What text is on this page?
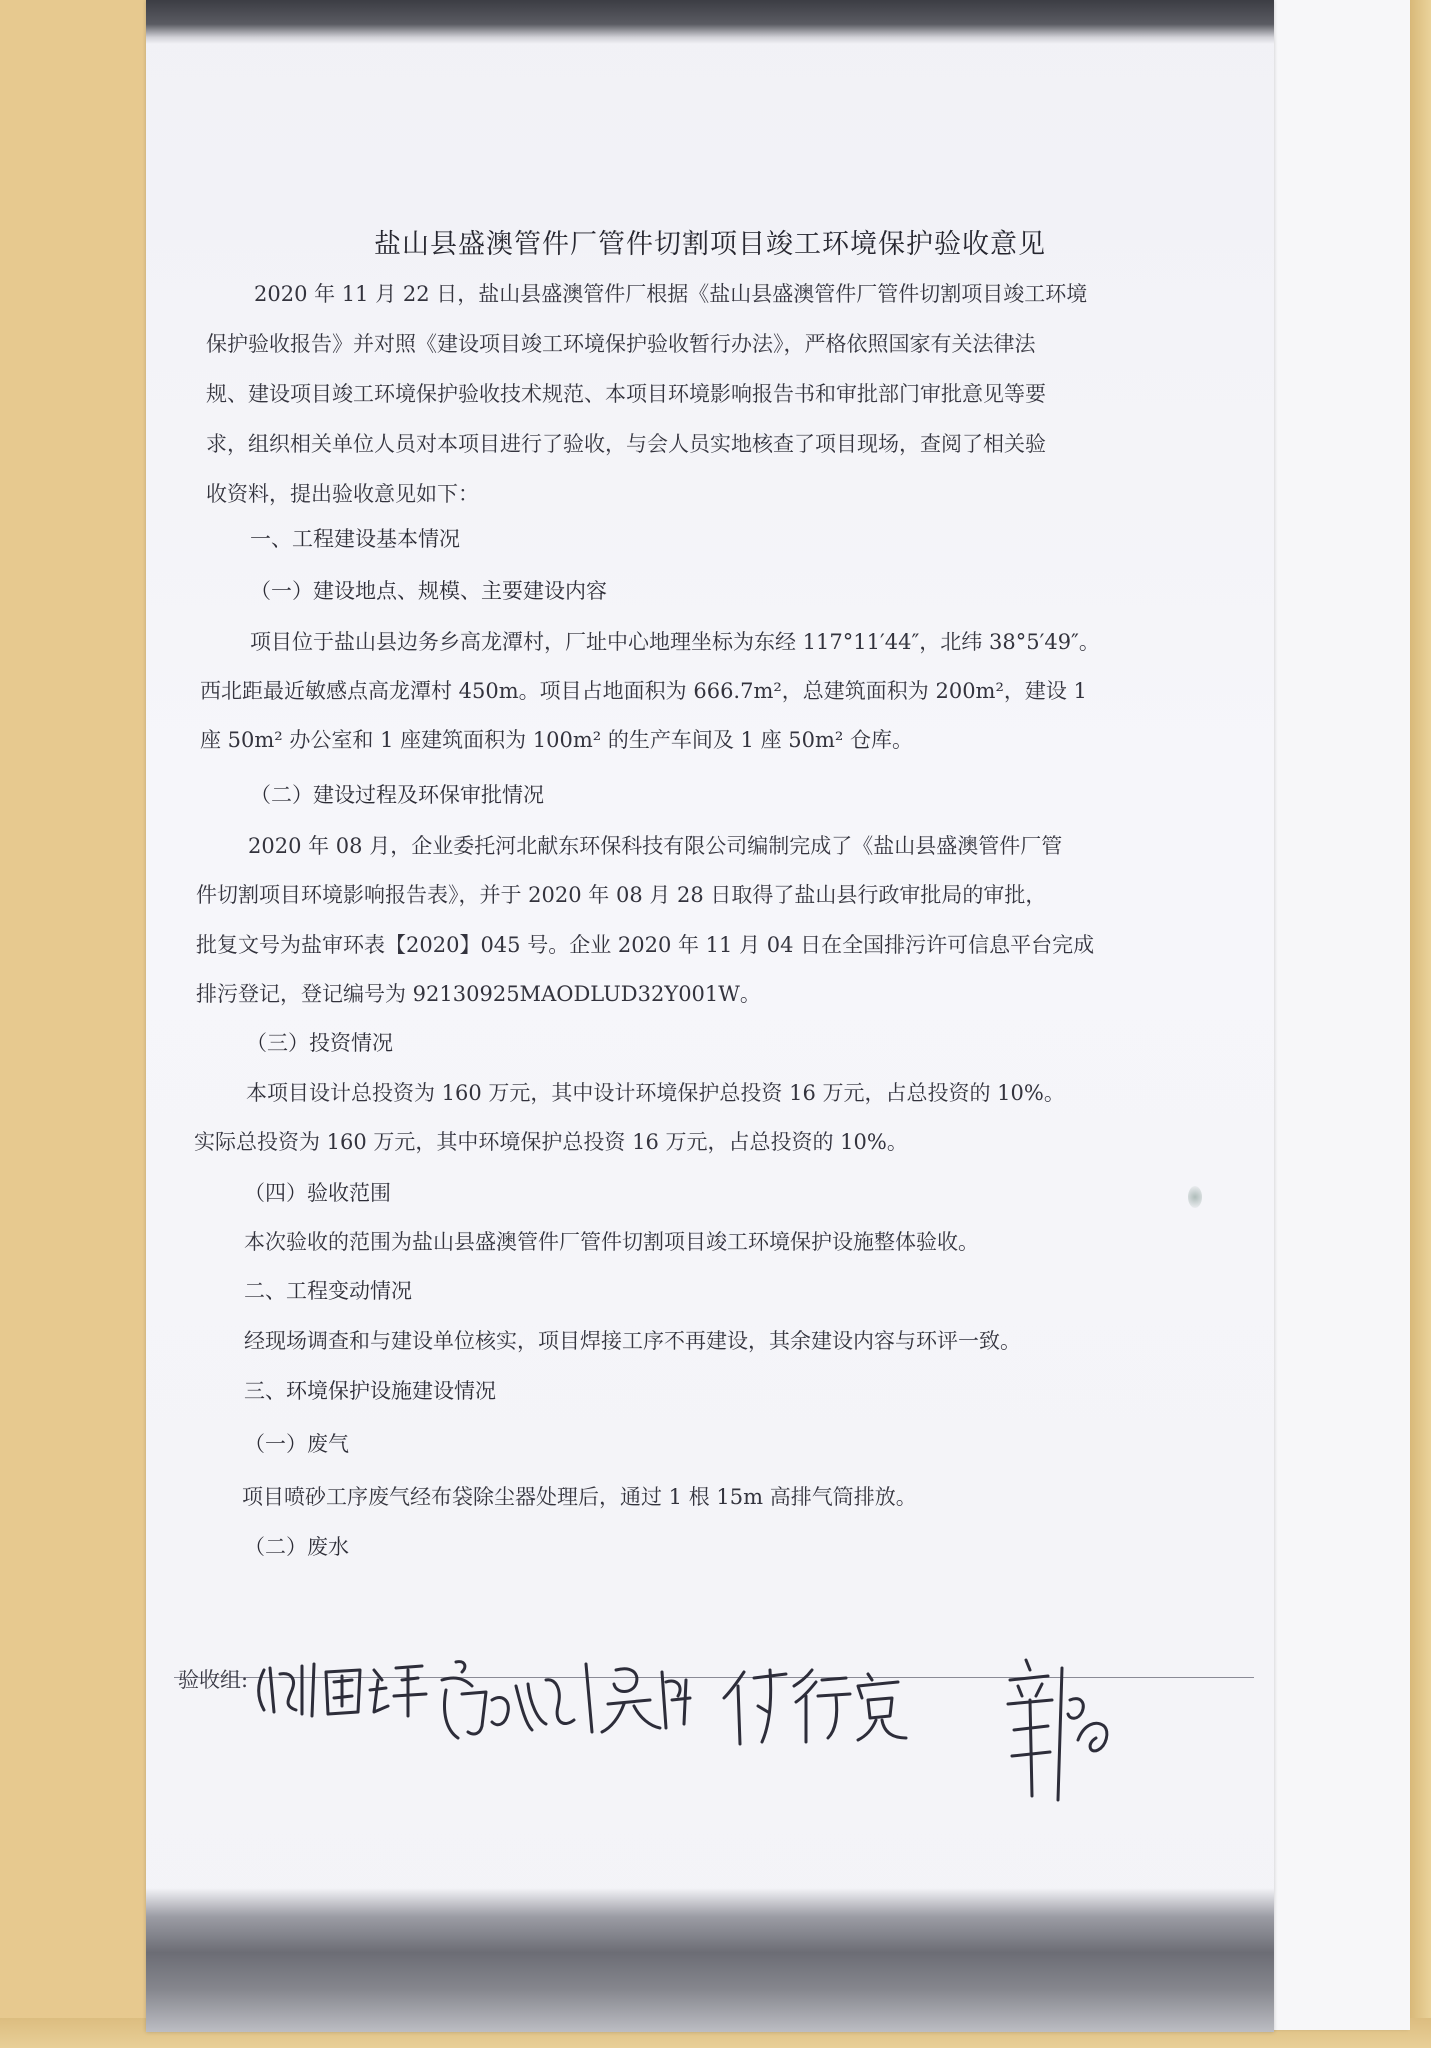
盐山县盛澳管件厂管件切割项目竣工环境保护验收意见
2020 年 11 月 22 日，盐山县盛澳管件厂根据《盐山县盛澳管件厂管件切割项目竣工环境
保护验收报告》并对照《建设项目竣工环境保护验收暂行办法》，严格依照国家有关法律法
规、建设项目竣工环境保护验收技术规范、本项目环境影响报告书和审批部门审批意见等要
求，组织相关单位人员对本项目进行了验收，与会人员实地核查了项目现场，查阅了相关验
收资料，提出验收意见如下：
一、工程建设基本情况
（一）建设地点、规模、主要建设内容
项目位于盐山县边务乡高龙潭村，厂址中心地理坐标为东经 117°11′44″，北纬 38°5′49″。
西北距最近敏感点高龙潭村 450m。项目占地面积为 666.7m²，总建筑面积为 200m²，建设 1
座 50m² 办公室和 1 座建筑面积为 100m² 的生产车间及 1 座 50m² 仓库。
（二）建设过程及环保审批情况
2020 年 08 月，企业委托河北献东环保科技有限公司编制完成了《盐山县盛澳管件厂管
件切割项目环境影响报告表》，并于 2020 年 08 月 28 日取得了盐山县行政审批局的审批，
批复文号为盐审环表【2020】045 号。企业 2020 年 11 月 04 日在全国排污许可信息平台完成
排污登记，登记编号为 92130925MAODLUD32Y001W。
（三）投资情况
本项目设计总投资为 160 万元，其中设计环境保护总投资 16 万元，占总投资的 10%。
实际总投资为 160 万元，其中环境保护总投资 16 万元，占总投资的 10%。
（四）验收范围
本次验收的范围为盐山县盛澳管件厂管件切割项目竣工环境保护设施整体验收。
二、工程变动情况
经现场调查和与建设单位核实，项目焊接工序不再建设，其余建设内容与环评一致。
三、环境保护设施建设情况
（一）废气
项目喷砂工序废气经布袋除尘器处理后，通过 1 根 15m 高排气筒排放。
（二）废水
验收组:
